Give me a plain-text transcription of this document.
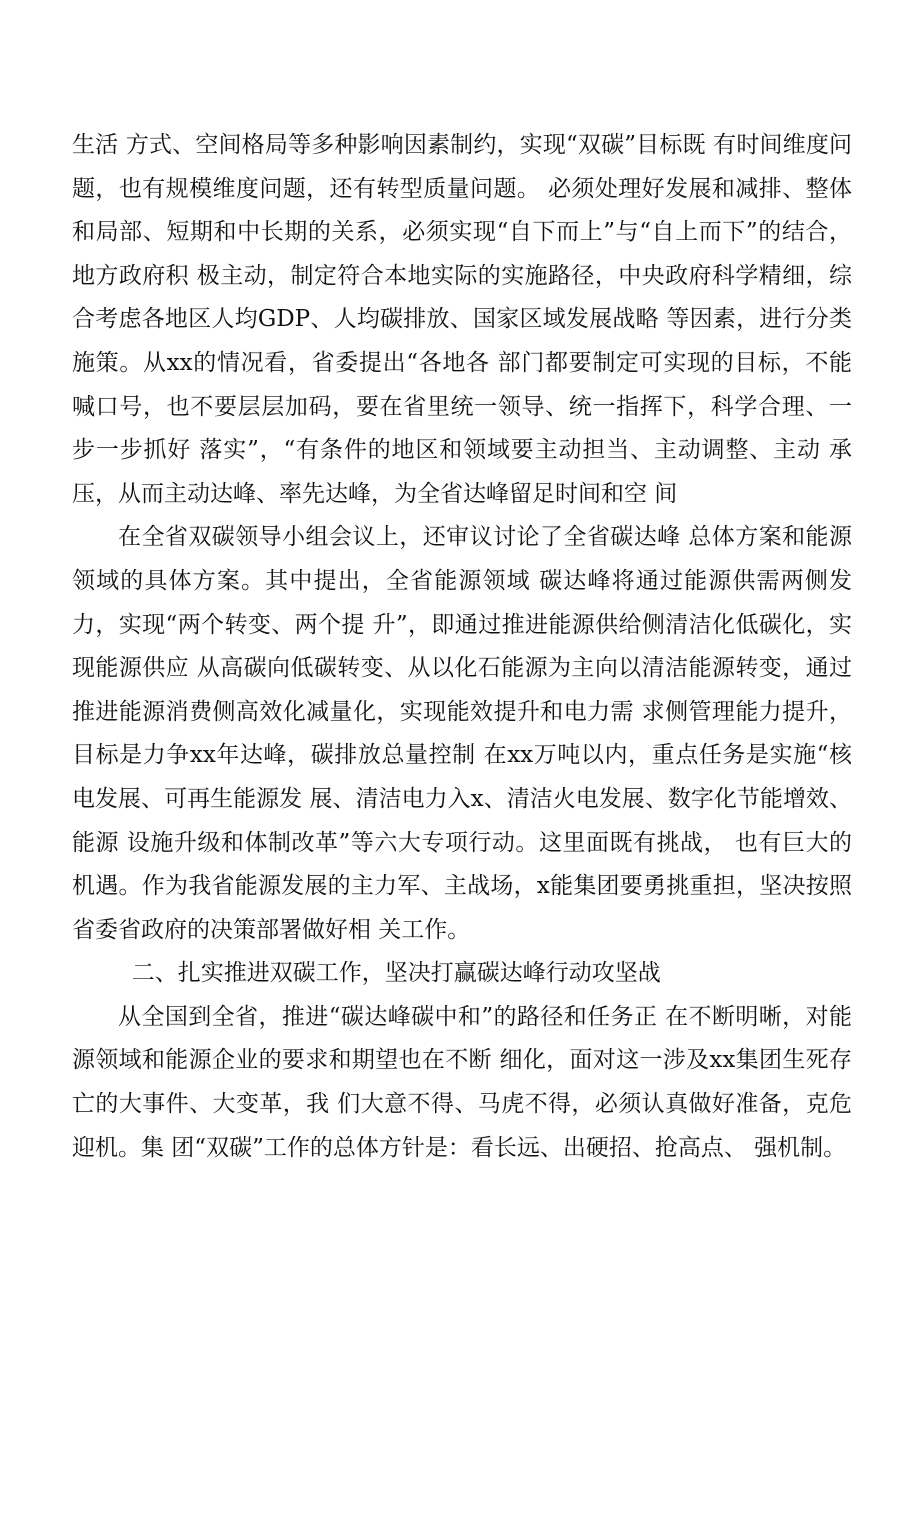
生活 方式、空间格局等多种影响因素制约，实现“双碳”目标既 有时间维度问题，也有规模维度问题，还有转型质量问题。 必须处理好发展和减排、整体和局部、短期和中长期的关系，必须实现“自下而上”与“自上而下”的结合，地方政府积 极主动，制定符合本地实际的实施路径，中央政府科学精细，综合考虑各地区人均GDP、人均碳排放、国家区域发展战略 等因素，进行分类施策。从xx的情况看，省委提出“各地各 部门都要制定可实现的目标，不能喊口号，也不要层层加码，要在省里统一领导、统一指挥下，科学合理、一步一步抓好 落实”，“有条件的地区和领域要主动担当、主动调整、主动 承压，从而主动达峰、率先达峰，为全省达峰留足时间和空 间

在全省双碳领导小组会议上，还审议讨论了全省碳达峰 总体方案和能源领域的具体方案。其中提出，全省能源领域 碳达峰将通过能源供需两侧发力，实现“两个转变、两个提 升”，即通过推进能源供给侧清洁化低碳化，实现能源供应 从高碳向低碳转变、从以化石能源为主向以清洁能源转变，通过推进能源消费侧高效化减量化，实现能效提升和电力需 求侧管理能力提升，目标是力争xx年达峰，碳排放总量控制 在xx万吨以内，重点任务是实施“核电发展、可再生能源发 展、清洁电力入x、清洁火电发展、数字化节能增效、能源 设施升级和体制改革”等六大专项行动。这里面既有挑战， 也有巨大的机遇。作为我省能源发展的主力军、主战场，x能集团要勇挑重担，坚决按照省委省政府的决策部署做好相 关工作。

二、扎实推进双碳工作，坚决打赢碳达峰行动攻坚战

从全国到全省，推进“碳达峰碳中和”的路径和任务正 在不断明晰，对能源领域和能源企业的要求和期望也在不断 细化，面对这一涉及xx集团生死存亡的大事件、大变革，我 们大意不得、马虎不得，必须认真做好准备，克危迎机。集 团“双碳”工作的总体方针是：看长远、出硬招、抢高点、 强机制。
